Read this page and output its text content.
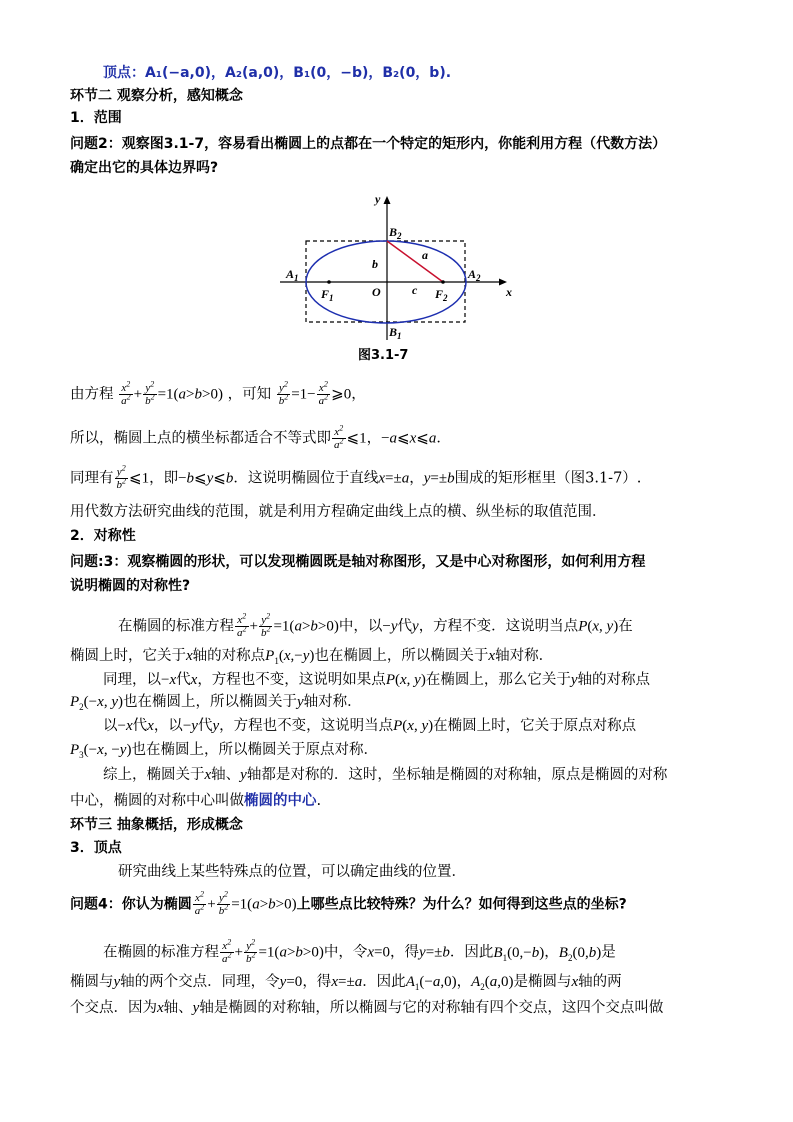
顶点：A₁(−a,0)，A₂(a,0)，B₁(0，−b)，B₂(0，b).
环节二 观察分析，感知概念
1．范围
问题2：观察图3.1-7，容易看出椭圆上的点都在一个特定的矩形内，你能利用方程（代数方法）
确定出它的具体边界吗?
y
x
$B_2$
$B_1$
$A_1$	$A_2$
$F_1$	$F_2$
O
a
b
c
图3.1-7
由方程 $\frac{x^2}{a^2} + \frac{y^2}{b^2} =1(a>b>0)$ ，可知 $\frac{y^2}{b^2} =1- \frac{x^2}{a^2}$ ⩾0，
所以，椭圆上点的横坐标都适合不等式即 $\frac{x^2}{a^2}$ ⩽1，−a⩽x⩽a．
同理有 $\frac{y^2}{b^2}$ ⩽1，即−b⩽y⩽b．这说明椭圆位于直线x=±a，y=±b围成的矩形框里（图3.1-7）.
用代数方法研究曲线的范围，就是利用方程确定曲线上点的横、纵坐标的取值范围．
2．对称性
问题:3：观察椭圆的形状，可以发现椭圆既是轴对称图形，又是中心对称图形，如何利用方程
说明椭圆的对称性?
在椭圆的标准方程 $\frac{x^2}{a^2} + \frac{y^2}{b^2} =1(a>b>0)$中，以−y代y，方程不变．这说明当点P(x, y)在
椭圆上时，它关于x轴的对称点$P_1(x,-y)$也在椭圆上，所以椭圆关于x轴对称．
同理，以−x代x，方程也不变，这说明如果点P(x, y)在椭圆上，那么它关于y轴的对称点
$P_2(-x$, y)也在椭圆上，所以椭圆关于y轴对称．
以−x代x，以−y代y，方程也不变，这说明当点P(x, y)在椭圆上时，它关于原点对称点
$P_3(-x$, −y)也在椭圆上，所以椭圆关于原点对称．
综上，椭圆关于x轴、y轴都是对称的．这时，坐标轴是椭圆的对称轴，原点是椭圆的对称
中心，椭圆的对称中心叫做椭圆的中心.
环节三 抽象概括，形成概念
3．顶点
研究曲线上某些特殊点的位置，可以确定曲线的位置．
问题4：你认为椭圆 $\frac{x^2}{a^2} + \frac{y^2}{b^2} =1(a>b>0)$上哪些点比较特殊？为什么？如何得到这些点的坐标?
在椭圆的标准方程 $\frac{x^2}{a^2} + \frac{y^2}{b^2} =1(a>b>0)$中，令x=0，得y=±b．因此$B_1(0,-b)$，$B_2(0,b)$是
椭圆与y轴的两个交点．同理，令y=0，得x=±a．因此$A_1(-a,0)$，$A_2(a,0)$是椭圆与x轴的两
个交点．因为x轴、y轴是椭圆的对称轴，所以椭圆与它的对称轴有四个交点，这四个交点叫做
